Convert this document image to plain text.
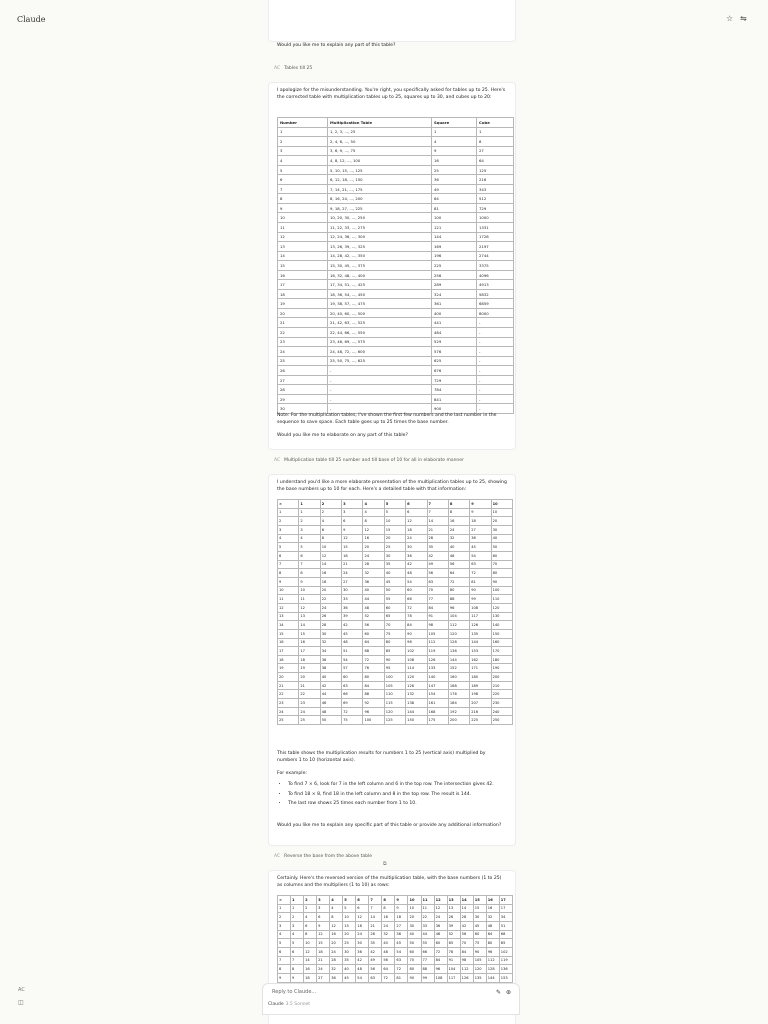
Claude	☆ ⇋
AC
◫

Would you like me to explain any part of this table?

AC Tables till 25

I apologize for the misunderstanding. You're right, you specifically asked for tables up to 25. Here's the corrected table with multiplication tables up to 25, squares up to 30, and cubes up to 20:

Number	Multiplication Table	Square	Cube
1	1, 2, 3, ..., 25	1	1
2	2, 4, 6, ..., 50	4	8
3	3, 6, 9, ..., 75	9	27
4	4, 8, 12, ..., 100	16	64
5	5, 10, 15, ..., 125	25	125
6	6, 12, 18, ..., 150	36	216
7	7, 14, 21, ..., 175	49	343
8	8, 16, 24, ..., 200	64	512
9	9, 18, 27, ..., 225	81	729
10	10, 20, 30, ..., 250	100	1000
11	11, 22, 33, ..., 275	121	1331
12	12, 24, 36, ..., 300	144	1728
13	13, 26, 39, ..., 325	169	2197
14	14, 28, 42, ..., 350	196	2744
15	15, 30, 45, ..., 375	225	3375
16	16, 32, 48, ..., 400	256	4096
17	17, 34, 51, ..., 425	289	4913
18	18, 36, 54, ..., 450	324	5832
19	19, 38, 57, ..., 475	361	6859
20	20, 40, 60, ..., 500	400	8000
21	21, 42, 63, ..., 525	441	-
22	22, 44, 66, ..., 550	484	-
23	23, 46, 69, ..., 575	529	-
24	24, 48, 72, ..., 600	576	-
25	25, 50, 75, ..., 625	625	-
26	-	676	-
27	-	729	-
28	-	784	-
29	-	841	-
30	-	900	-

Note: For the multiplication tables, I've shown the first few numbers and the last number in the sequence to save space. Each table goes up to 25 times the base number.

Would you like me to elaborate on any part of this table?

AC Multiplication table till 25 number and till base of 10 for all in elaborate manner

I understand you'd like a more elaborate presentation of the multiplication tables up to 25, showing the base numbers up to 10 for each. Here's a detailed table with that information:

×	1	2	3	4	5	6	7	8	9	10
1	1	2	3	4	5	6	7	8	9	10
2	2	4	6	8	10	12	14	16	18	20
3	3	6	9	12	15	18	21	24	27	30
4	4	8	12	16	20	24	28	32	36	40
5	5	10	15	20	25	30	35	40	45	50
6	6	12	18	24	30	36	42	48	54	60
7	7	14	21	28	35	42	49	56	63	70
8	8	16	24	32	40	48	56	64	72	80
9	9	18	27	36	45	54	63	72	81	90
10	10	20	30	40	50	60	70	80	90	100
11	11	22	33	44	55	66	77	88	99	110
12	12	24	36	48	60	72	84	96	108	120
13	13	26	39	52	65	78	91	104	117	130
14	14	28	42	56	70	84	98	112	126	140
15	15	30	45	60	75	90	105	120	135	150
16	16	32	48	64	80	96	112	128	144	160
17	17	34	51	68	85	102	119	136	153	170
18	18	36	54	72	90	108	126	144	162	180
19	19	38	57	76	95	114	133	152	171	190
20	20	40	60	80	100	120	140	160	180	200
21	21	42	63	84	105	126	147	168	189	210
22	22	44	66	88	110	132	154	176	198	220
23	23	46	69	92	115	138	161	184	207	230
24	24	48	72	96	120	144	168	192	216	240
25	25	50	75	100	125	150	175	200	225	250

This table shows the multiplication results for numbers 1 to 25 (vertical axis) multiplied by numbers 1 to 10 (horizontal axis).

For example:

• To find 7 × 6, look for 7 in the left column and 6 in the top row. The intersection gives 42.
• To find 18 × 8, find 18 in the left column and 8 in the top row. The result is 144.
• The last row shows 25 times each number from 1 to 10.

Would you like me to explain any specific part of this table or provide any additional information?

AC Reverse the base from the above table

Certainly. Here's the reversed version of the multiplication table, with the base numbers (1 to 25) as columns and the multipliers (1 to 10) as rows:

×	1	2	3	4	5	6	7	8	9	10	11	12	13	14	15	16	17
1	1	2	3	4	5	6	7	8	9	10	11	12	13	14	15	16	17
2	2	4	6	8	10	12	14	16	18	20	22	24	26	28	30	32	34
3	3	6	9	12	15	18	21	24	27	30	33	36	39	42	45	48	51
4	4	8	12	16	20	24	28	32	36	40	44	48	52	56	60	64	68
5	5	10	15	20	25	30	35	40	45	50	55	60	65	70	75	80	85
6	6	12	18	24	30	36	42	48	54	60	66	72	78	84	90	96	102
7	7	14	21	28	35	42	49	56	63	70	77	84	91	98	105	112	119
8	8	16	24	32	40	48	56	64	72	80	88	96	104	112	120	128	136
9	9	18	27	36	45	54	63	72	81	90	99	108	117	126	135	144	153
⧉
Reply to Claude...
Claude 3.5 Sonnet
✎ ⊛
